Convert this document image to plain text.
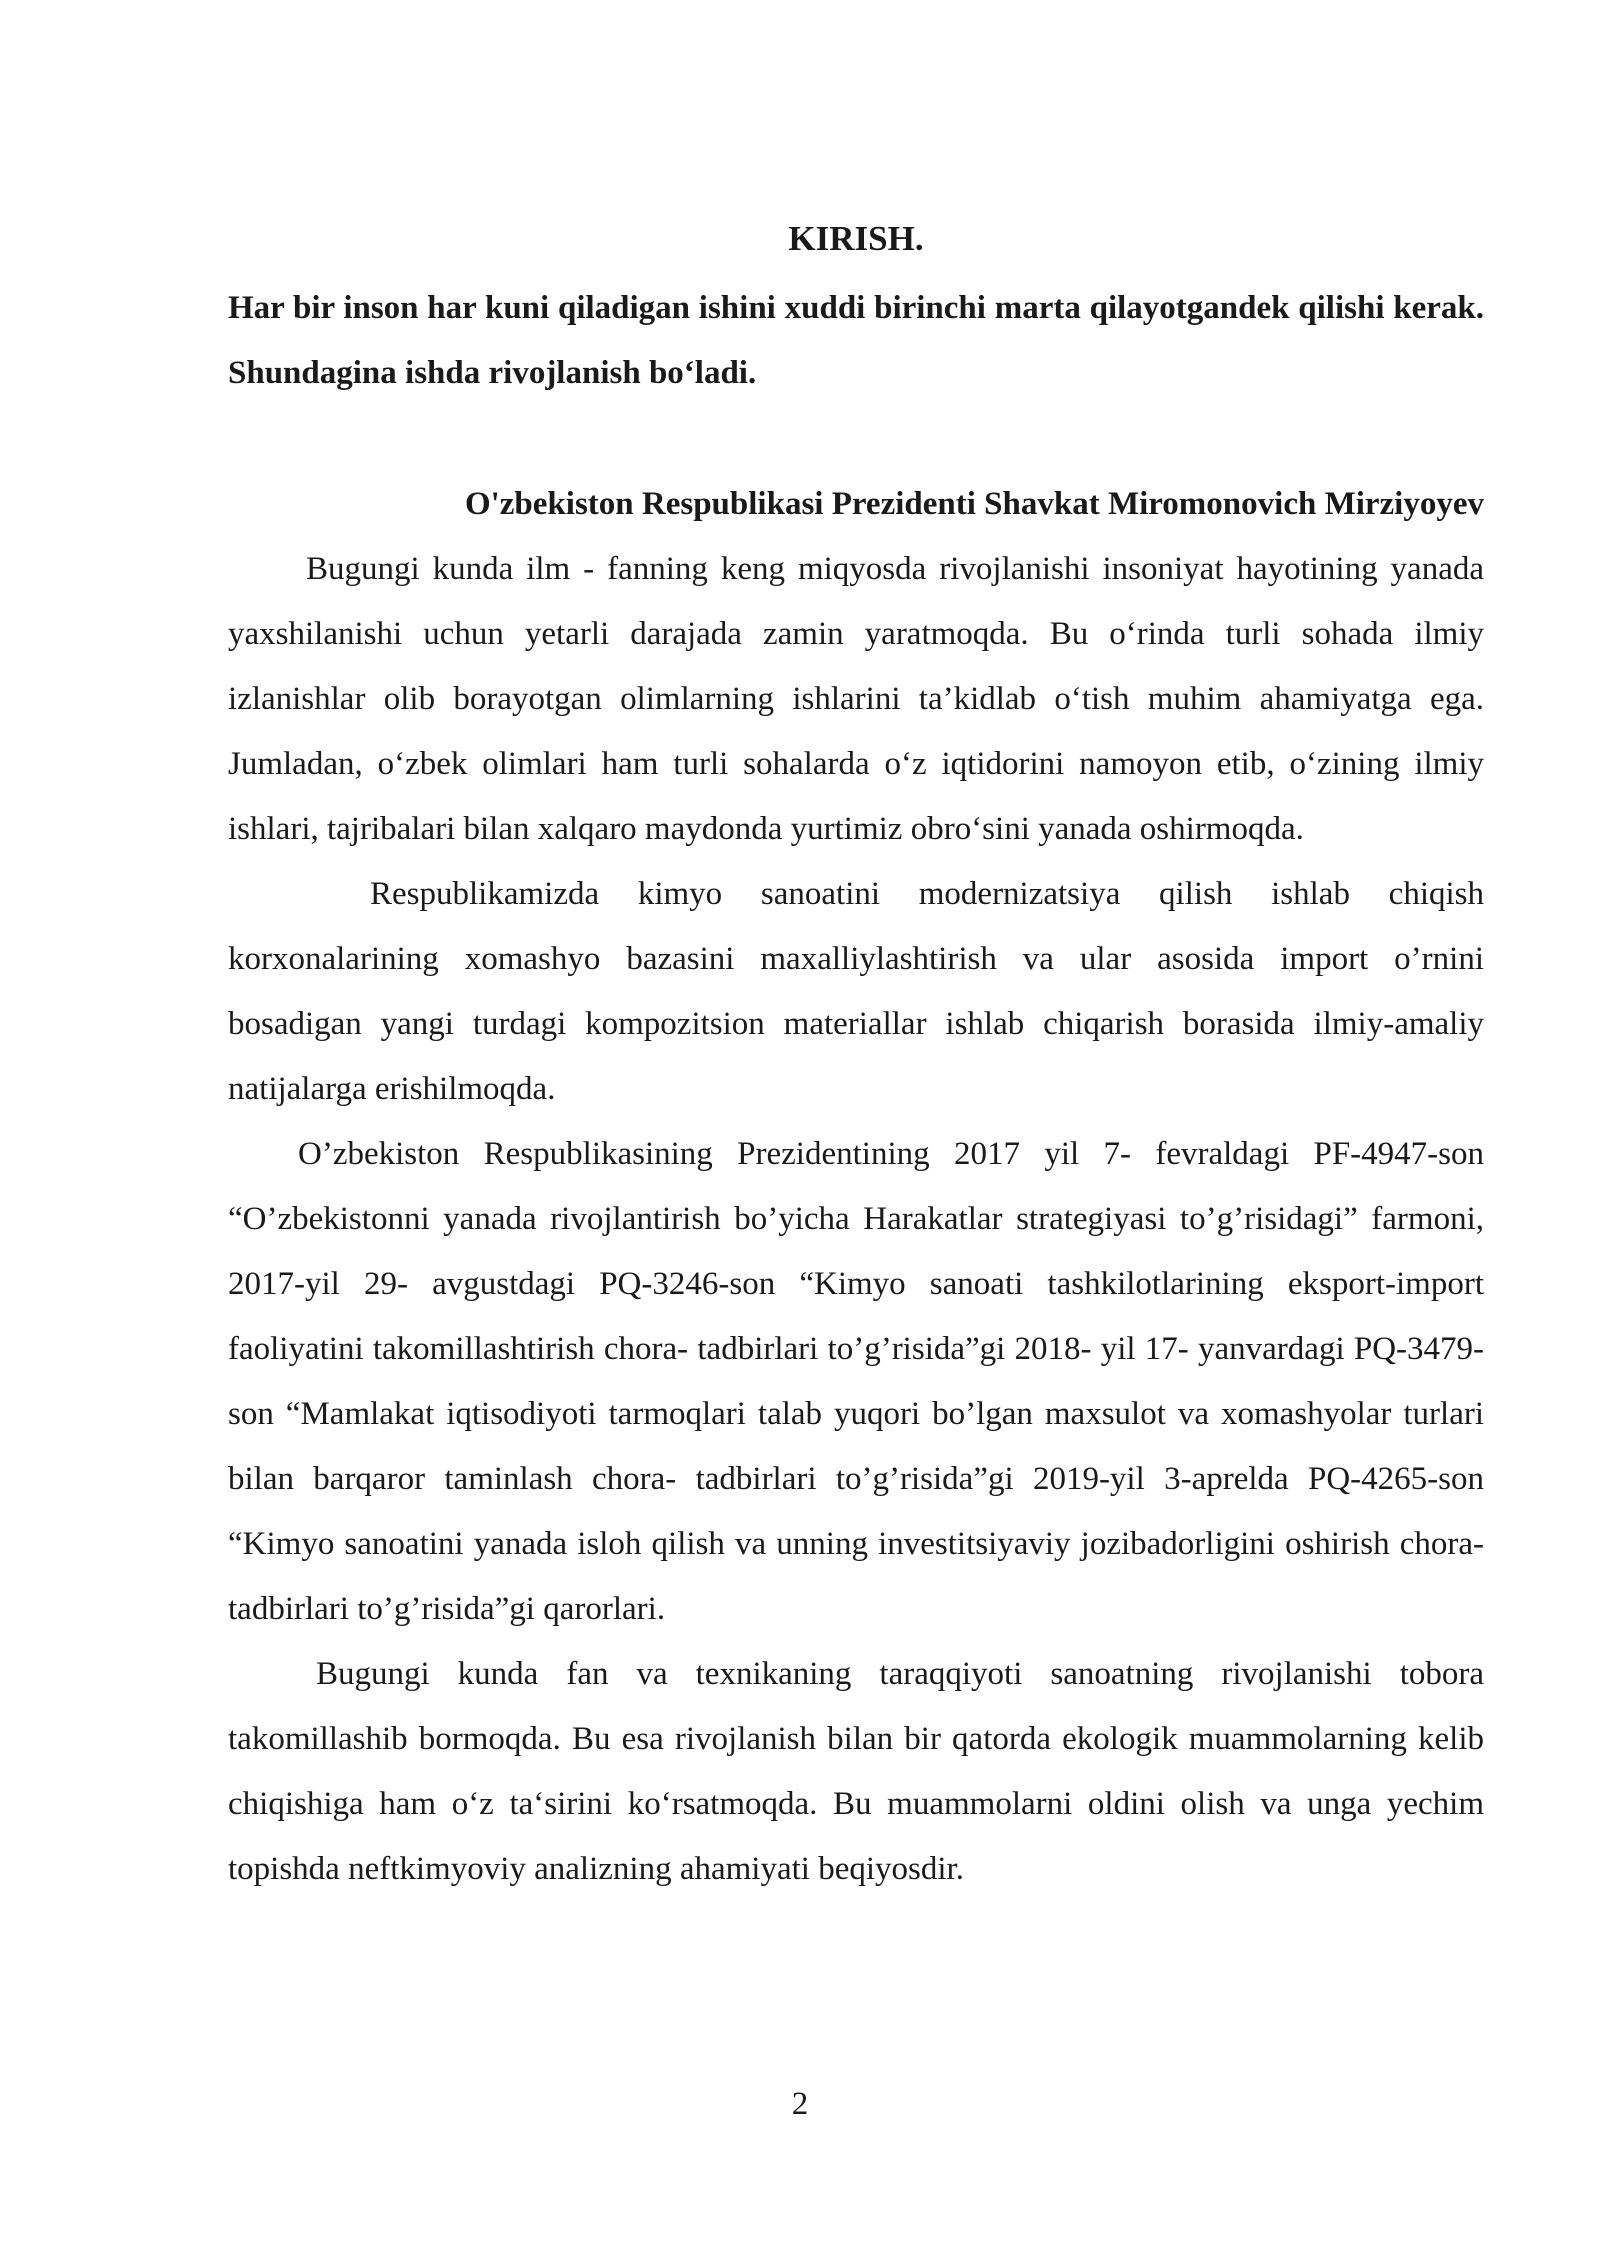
KIRISH.

Har bir inson har kuni qiladigan ishini xuddi birinchi marta qilayotgandek qilishi kerak. Shundagina ishda rivojlanish boʻladi.

O'zbekiston Respublikasi Prezidenti Shavkat Miromonovich Mirziyoyev

Bugungi kunda ilm - fanning keng miqyosda rivojlanishi insoniyat hayotining yanada yaxshilanishi uchun yetarli darajada zamin yaratmoqda. Bu oʻrinda turli sohada ilmiy izlanishlar olib borayotgan olimlarning ishlarini ta’kidlab oʻtish muhim ahamiyatga ega. Jumladan, oʻzbek olimlari ham turli sohalarda oʻz iqtidorini namoyon etib, oʻzining ilmiy ishlari, tajribalari bilan xalqaro maydonda yurtimiz obroʻsini yanada oshirmoqda.

Respublikamizda kimyo sanoatini modernizatsiya qilish ishlab chiqish korxonalarining xomashyo bazasini maxalliylashtirish va ular asosida import o’rnini bosadigan yangi turdagi kompozitsion materiallar ishlab chiqarish borasida ilmiy-amaliy natijalarga erishilmoqda.

O’zbekiston Respublikasining Prezidentining 2017 yil 7- fevraldagi PF-4947-son “O’zbekistonni yanada rivojlantirish bo’yicha Harakatlar strategiyasi to’g’risidagi” farmoni, 2017-yil 29- avgustdagi PQ-3246-son “Kimyo sanoati tashkilotlarining eksport-import faoliyatini takomillashtirish chora- tadbirlari to’g’risida”gi 2018- yil 17- yanvardagi PQ-3479-son “Mamlakat iqtisodiyoti tarmoqlari talab yuqori bo’lgan maxsulot va xomashyolar turlari bilan barqaror taminlash chora- tadbirlari to’g’risida”gi 2019-yil 3-aprelda PQ-4265-son “Kimyo sanoatini yanada isloh qilish va unning investitsiyaviy jozibadorligini oshirish chora- tadbirlari to’g’risida”gi qarorlari.

Bugungi kunda fan va texnikaning taraqqiyoti sanoatning rivojlanishi tobora takomillashib bormoqda. Bu esa rivojlanish bilan bir qatorda ekologik muammolarning kelib chiqishiga ham oʻz taʻsirini koʻrsatmoqda. Bu muammolarni oldini olish va unga yechim topishda neftkimyoviy analizning ahamiyati beqiyosdir.

2
